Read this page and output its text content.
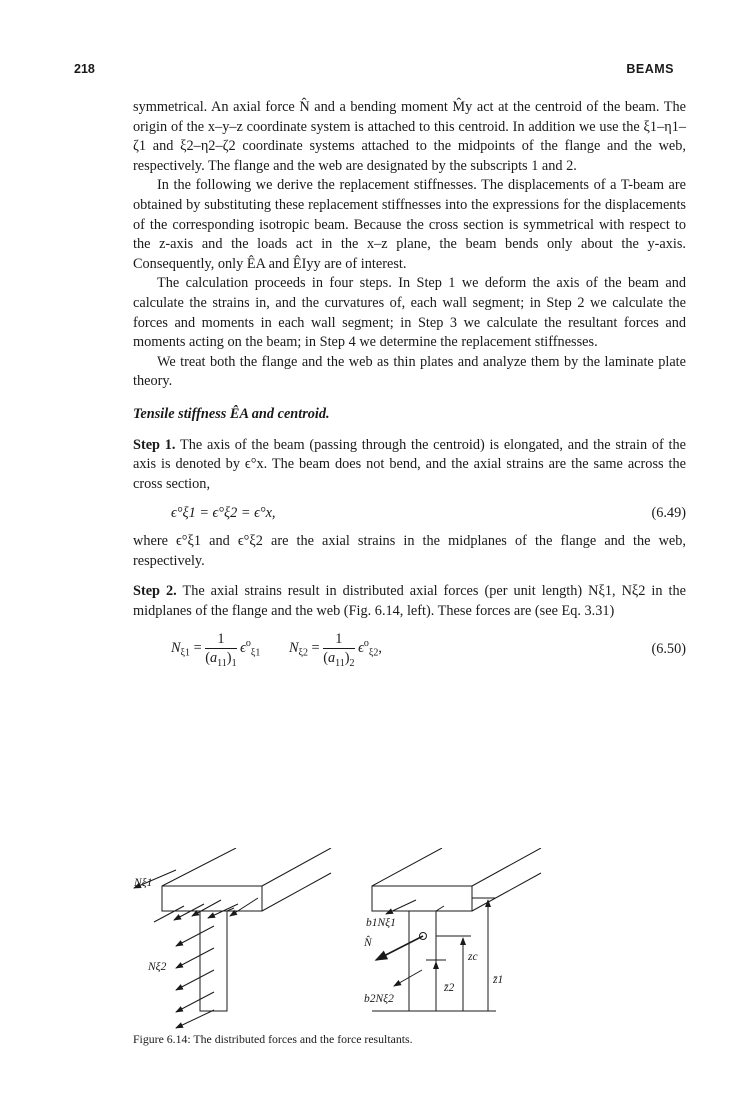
218	BEAMS

symmetrical. An axial force N̂ and a bending moment M̂y act at the centroid of the beam. The origin of the x–y–z coordinate system is attached to this centroid. In addition we use the ξ1–η1–ζ1 and ξ2–η2–ζ2 coordinate systems attached to the midpoints of the flange and the web, respectively. The flange and the web are designated by the subscripts 1 and 2.

In the following we derive the replacement stiffnesses. The displacements of a T-beam are obtained by substituting these replacement stiffnesses into the expressions for the displacements of the corresponding isotropic beam. Because the cross section is symmetrical with respect to the z-axis and the loads act in the x–z plane, the beam bends only about the y-axis. Consequently, only ÊA and ÊIyy are of interest.

The calculation proceeds in four steps. In Step 1 we deform the axis of the beam and calculate the strains in, and the curvatures of, each wall segment; in Step 2 we calculate the forces and moments in each wall segment; in Step 3 we calculate the resultant forces and moments acting on the beam; in Step 4 we determine the replacement stiffnesses.

We treat both the flange and the web as thin plates and analyze them by the laminate plate theory.

Tensile stiffness ÊA and centroid.

Step 1. The axis of the beam (passing through the centroid) is elongated, and the strain of the axis is denoted by ϵ°x. The beam does not bend, and the axial strains are the same across the cross section,

ϵ°ξ1 = ϵ°ξ2 = ϵ°x,	(6.49)

where ϵ°ξ1 and ϵ°ξ2 are the axial strains in the midplanes of the flange and the web, respectively.

Step 2. The axial strains result in distributed axial forces (per unit length) Nξ1, Nξ2 in the midplanes of the flange and the web (Fig. 6.14, left). These forces are (see Eq. 3.31)

$N_{\xi 1} = \frac{1}{(a_{11})_1} \epsilon^o_{\xi 1}$ $N_{\xi 2} = \frac{1}{(a_{11})_2} \epsilon^o_{\xi 2}$,	(6.50)
Nξ1
Nξ2
b1Nξ1
N̂
b2Nξ2
z̄2
zc
z̄1
Figure 6.14: The distributed forces and the force resultants.
